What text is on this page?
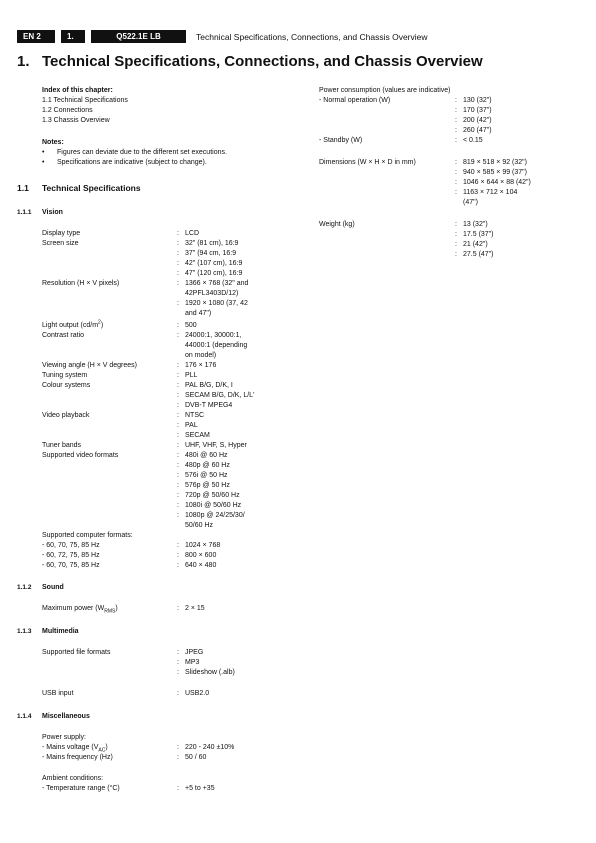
EN 2	1.	Q522.1E LB	Technical Specifications, Connections, and Chassis Overview
1. Technical Specifications, Connections, and Chassis Overview
Index of this chapter:
1.1 Technical Specifications
1.2 Connections
1.3 Chassis Overview
Notes:
• Figures can deviate due to the different set executions.
• Specifications are indicative (subject to change).
1.1 Technical Specifications
1.1.1 Vision
Display type	: LCD
Screen size	: 32" (81 cm), 16:9
: 37" (94 cm, 16:9
: 42" (107 cm), 16:9
: 47" (120 cm), 16:9
Resolution (H × V pixels)	: 1366 × 768 (32" and
42PFL3403D/12)
: 1920 × 1080 (37, 42
and 47")
Light output $(cd/m^2)$	: 500
Contrast ratio	: 24000:1, 30000:1,
44000:1 (depending
on model)
Viewing angle (H × V degrees)	: 176 × 176
Tuning system	: PLL
Colour systems	: PAL B/G, D/K, I
: SECAM B/G, D/K, L/L'
: DVB-T MPEG4
Video playback	: NTSC
: PAL
: SECAM
Tuner bands	: UHF, VHF, S, Hyper
Supported video formats	: 480i @ 60 Hz
: 480p @ 60 Hz
: 576i @ 50 Hz
: 576p @ 50 Hz
: 720p @ 50/60 Hz
: 1080i @ 50/60 Hz
: 1080p @ 24/25/30/
50/60 Hz
Supported computer formats:
- 60, 70, 75, 85 Hz	: 1024 × 768
- 60, 72, 75, 85 Hz	: 800 × 600
- 60, 70, 75, 85 Hz	: 640 × 480
1.1.2 Sound
Maximum power $(W_{RMS})$	: 2 × 15
1.1.3 Multimedia
Supported file formats	: JPEG
: MP3
: Slideshow (.alb)
USB input	: USB2.0
1.1.4 Miscellaneous
Power supply:
- Mains voltage $(V_{AC})$	: 220 - 240 ±10%
- Mains frequency (Hz)	: 50 / 60
Ambient conditions:
- Temperature range (°C)	: +5 to +35
Power consumption (values are indicative)
- Normal operation (W)	: 130 (32")
: 170 (37")
: 200 (42")
: 260 (47")
- Standby (W)	: < 0.15
Dimensions (W × H × D in mm)	: 819 × 518 × 92 (32")
: 940 × 585 × 99 (37")
: 1046 × 644 × 88 (42")
: 1163 × 712 × 104
(47")
Weight (kg)	: 13 (32")
: 17.5 (37")
: 21 (42")
: 27.5 (47")
